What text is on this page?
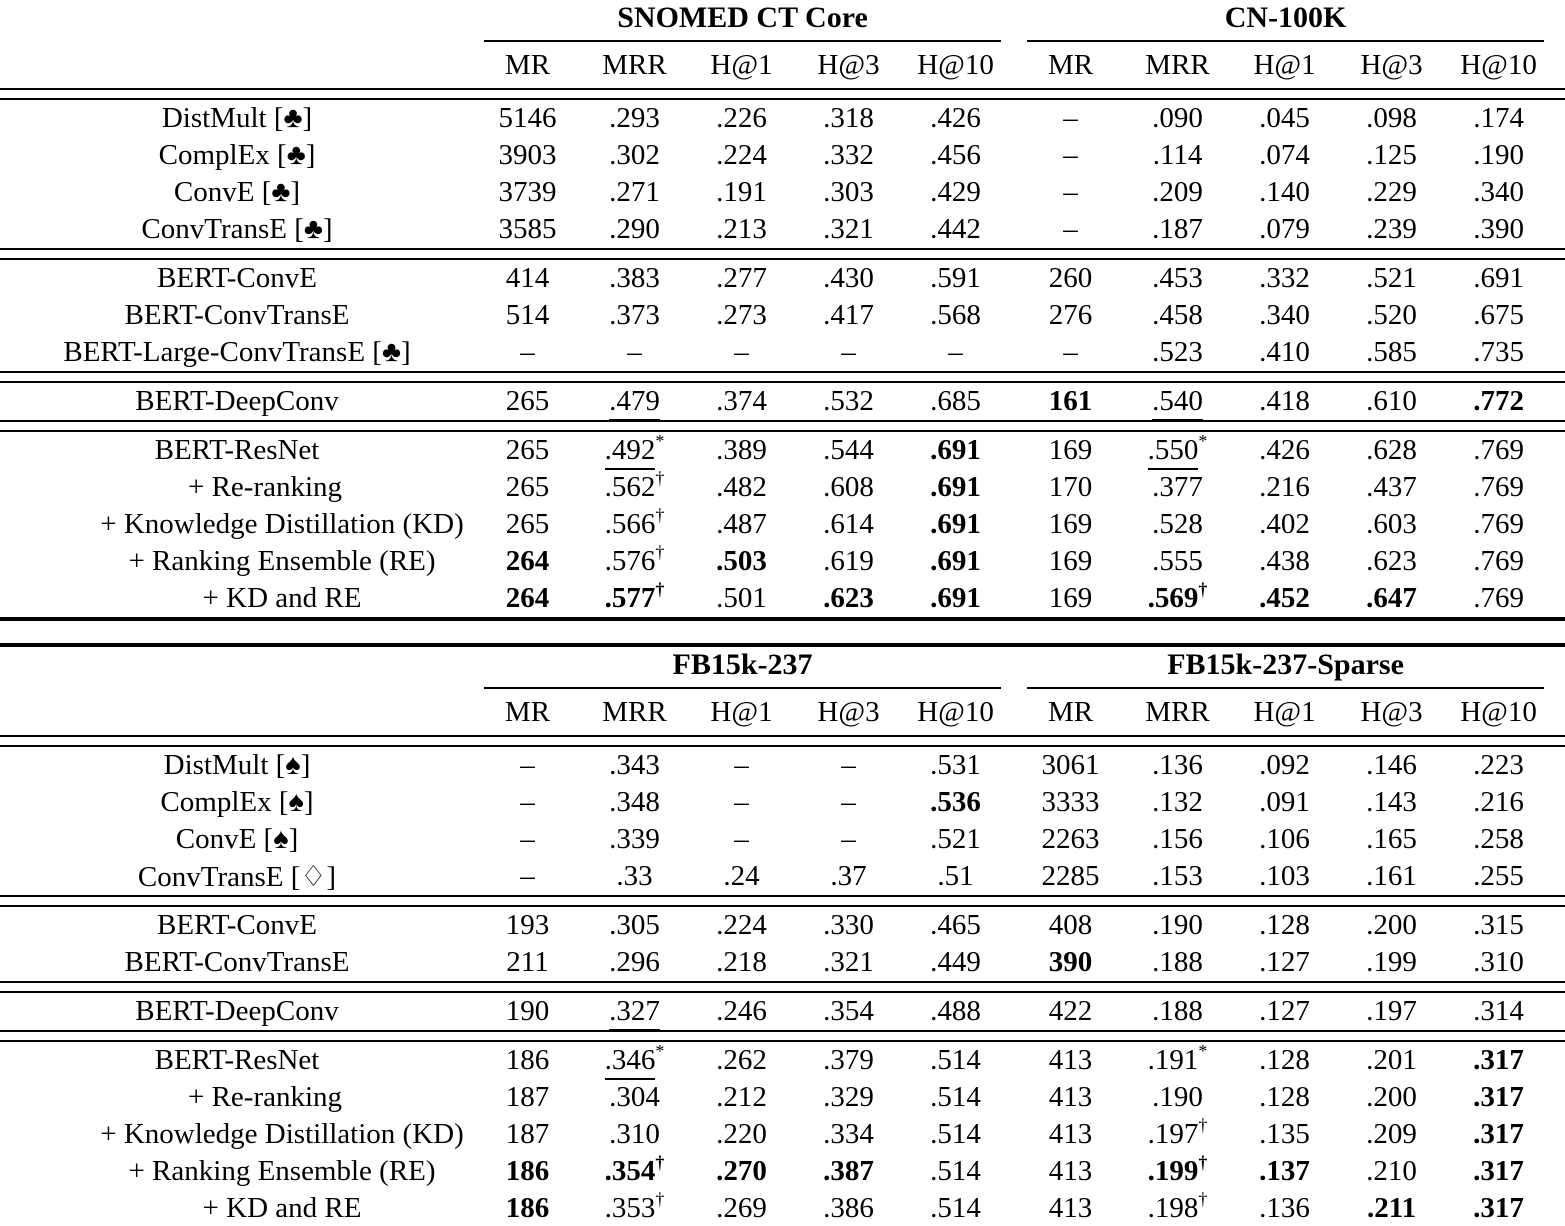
	SNOMED CT Core						CN-100K					

	MR	MRR	H@1	H@3	H@10		MR	MRR	H@1	H@3	H@10	

DistMult [♣]	5146	.293	.226	.318	.426		–	.090	.045	.098	.174	
ComplEx [♣]	3903	.302	.224	.332	.456		–	.114	.074	.125	.190	
ConvE [♣]	3739	.271	.191	.303	.429		–	.209	.140	.229	.340	
ConvTransE [♣]	3585	.290	.213	.321	.442		–	.187	.079	.239	.390	

BERT-ConvE	414	.383	.277	.430	.591		260	.453	.332	.521	.691	
BERT-ConvTransE	514	.373	.273	.417	.568		276	.458	.340	.520	.675	
BERT-Large-ConvTransE [♣]	–	–	–	–	–		–	.523	.410	.585	.735	

BERT-DeepConv	265	.479	.374	.532	.685		161	.540	.418	.610	.772	

BERT-ResNet	265	.492*	.389	.544	.691		169	.550*	.426	.628	.769	
+ Re-ranking	265	.562†	.482	.608	.691		170	.377	.216	.437	.769	
+ Knowledge Distillation (KD)	265	.566†	.487	.614	.691		169	.528	.402	.603	.769	
+ Ranking Ensemble (RE)	264	.576†	.503	.619	.691		169	.555	.438	.623	.769	
+ KD and RE	264	.577†	.501	.623	.691		169	.569†	.452	.647	.769	

	FB15k-237						FB15k-237-Sparse					

	MR	MRR	H@1	H@3	H@10		MR	MRR	H@1	H@3	H@10	

DistMult [♠]	–	.343	–	–	.531		3061	.136	.092	.146	.223	
ComplEx [♠]	–	.348	–	–	.536		3333	.132	.091	.143	.216	
ConvE [♠]	–	.339	–	–	.521		2263	.156	.106	.165	.258	
ConvTransE [♢]	–	.33	.24	.37	.51		2285	.153	.103	.161	.255	

BERT-ConvE	193	.305	.224	.330	.465		408	.190	.128	.200	.315	
BERT-ConvTransE	211	.296	.218	.321	.449		390	.188	.127	.199	.310	

BERT-DeepConv	190	.327	.246	.354	.488		422	.188	.127	.197	.314	

BERT-ResNet	186	.346*	.262	.379	.514		413	.191*	.128	.201	.317	
+ Re-ranking	187	.304	.212	.329	.514		413	.190	.128	.200	.317	
+ Knowledge Distillation (KD)	187	.310	.220	.334	.514		413	.197†	.135	.209	.317	
+ Ranking Ensemble (RE)	186	.354†	.270	.387	.514		413	.199†	.137	.210	.317	
+ KD and RE	186	.353†	.269	.386	.514		413	.198†	.136	.211	.317	
